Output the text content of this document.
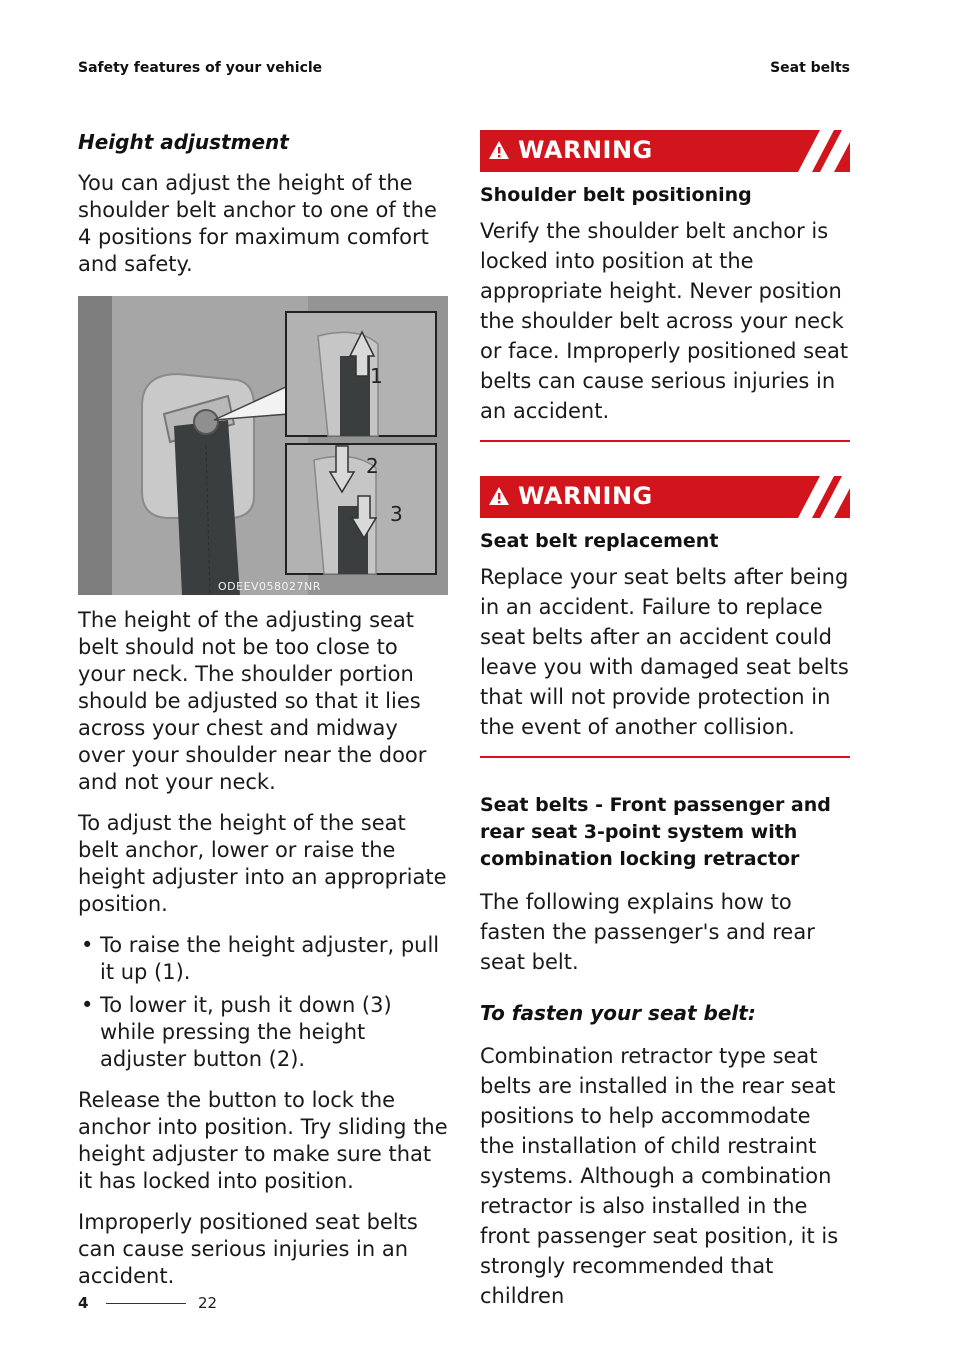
Safety features of your vehicle	Seat belts
Height adjustment

You can adjust the height of the shoulder belt anchor to one of the 4 positions for maximum comfort and safety.

1
2
3
ODEEV058027NR

The height of the adjusting seat belt should not be too close to your neck. The shoulder portion should be adjusted so that it lies across your chest and midway over your shoulder near the door and not your neck.

To adjust the height of the seat belt anchor, lower or raise the height adjuster into an appropriate position.

• To raise the height adjuster, pull it up (1).
• To lower it, push it down (3) while pressing the height adjuster button (2).

Release the button to lock the anchor into position. Try sliding the height adjuster to make sure that it has locked into position.

Improperly positioned seat belts can cause serious injuries in an accident.

WARNING
Shoulder belt positioning

Verify the shoulder belt anchor is locked into position at the appropriate height. Never position the shoulder belt across your neck or face. Improperly positioned seat belts can cause serious injuries in an accident.

WARNING
Seat belt replacement

Replace your seat belts after being in an accident. Failure to replace seat belts after an accident could leave you with damaged seat belts that will not provide protection in the event of another collision.

Seat belts - Front passenger and rear seat 3-point system with combination locking retractor

The following explains how to fasten the passenger's and rear seat belt.

To fasten your seat belt:

Combination retractor type seat belts are installed in the rear seat positions to help accommodate the installation of child restraint systems. Although a combination retractor is also installed in the front passenger seat position, it is strongly recommended that children

4	22
